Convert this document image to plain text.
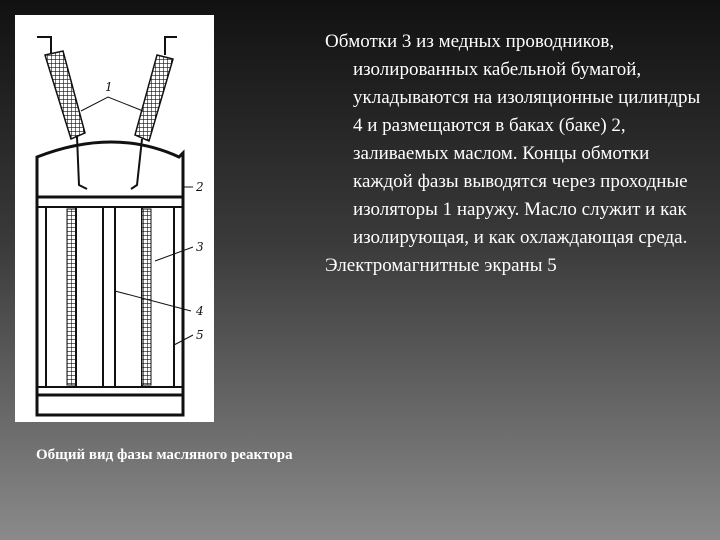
1
2
3
4
5

Обмотки 3 из медных проводников, изолированных кабельной бумагой, укладываются на изоляционные цилиндры 4 и размещаются в баках (баке) 2, заливаемых маслом. Концы обмотки каждой фазы выводятся через проходные изоляторы 1 наружу. Масло служит и как изолирующая, и как охлаждающая среда.

Электромагнитные экраны 5

Общий вид фазы масляного реактора
